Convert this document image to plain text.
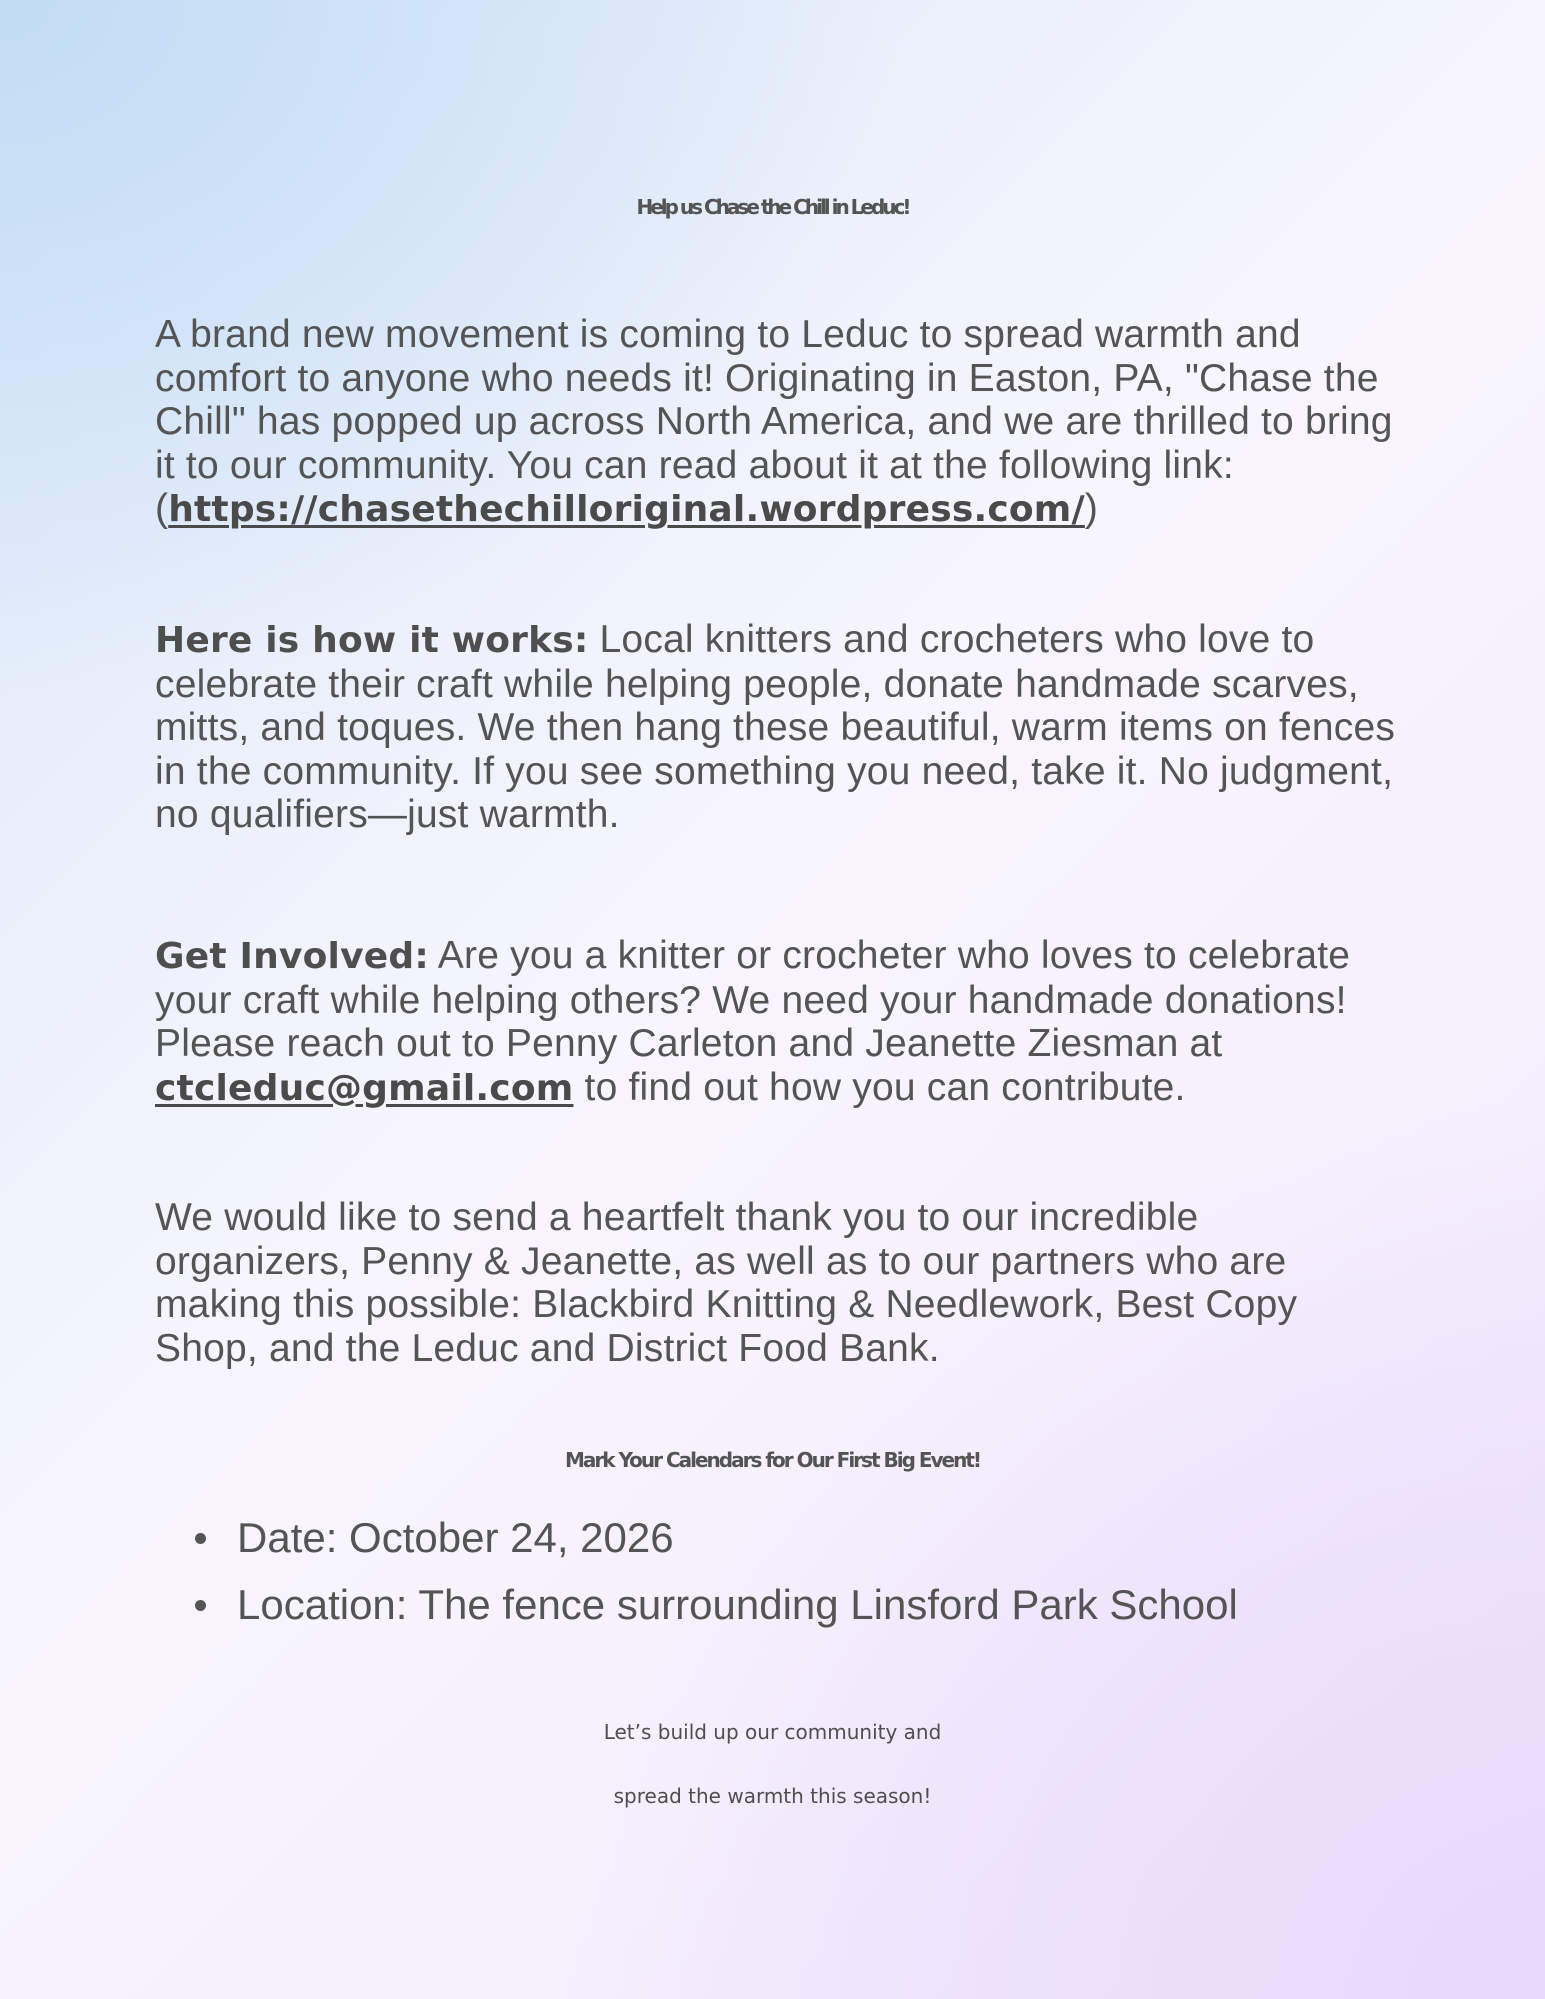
Help us Chase the Chill in Leduc!

A brand new movement is coming to Leduc to spread warmth and comfort to anyone who needs it! Originating in Easton, PA, "Chase the Chill" has popped up across North America, and we are thrilled to bring it to our community. You can read about it at the following link:
(https://chasethechilloriginal.wordpress.com/)

Here is how it works: Local knitters and crocheters who love to celebrate their craft while helping people, donate handmade scarves, mitts, and toques. We then hang these beautiful, warm items on fences in the community. If you see something you need, take it. No judgment, no qualifiers—just warmth.

Get Involved: Are you a knitter or crocheter who loves to celebrate your craft while helping others? We need your handmade donations! Please reach out to Penny Carleton and Jeanette Ziesman at ctcleduc@gmail.com to find out how you can contribute.

We would like to send a heartfelt thank you to our incredible organizers, Penny & Jeanette, as well as to our partners who are making this possible: Blackbird Knitting & Needlework, Best Copy Shop, and the Leduc and District Food Bank.

Mark Your Calendars for Our First Big Event!
Date: October 24, 2026
Location: The fence surrounding Linsford Park School

Let’s build up our community and
spread the warmth this season!
